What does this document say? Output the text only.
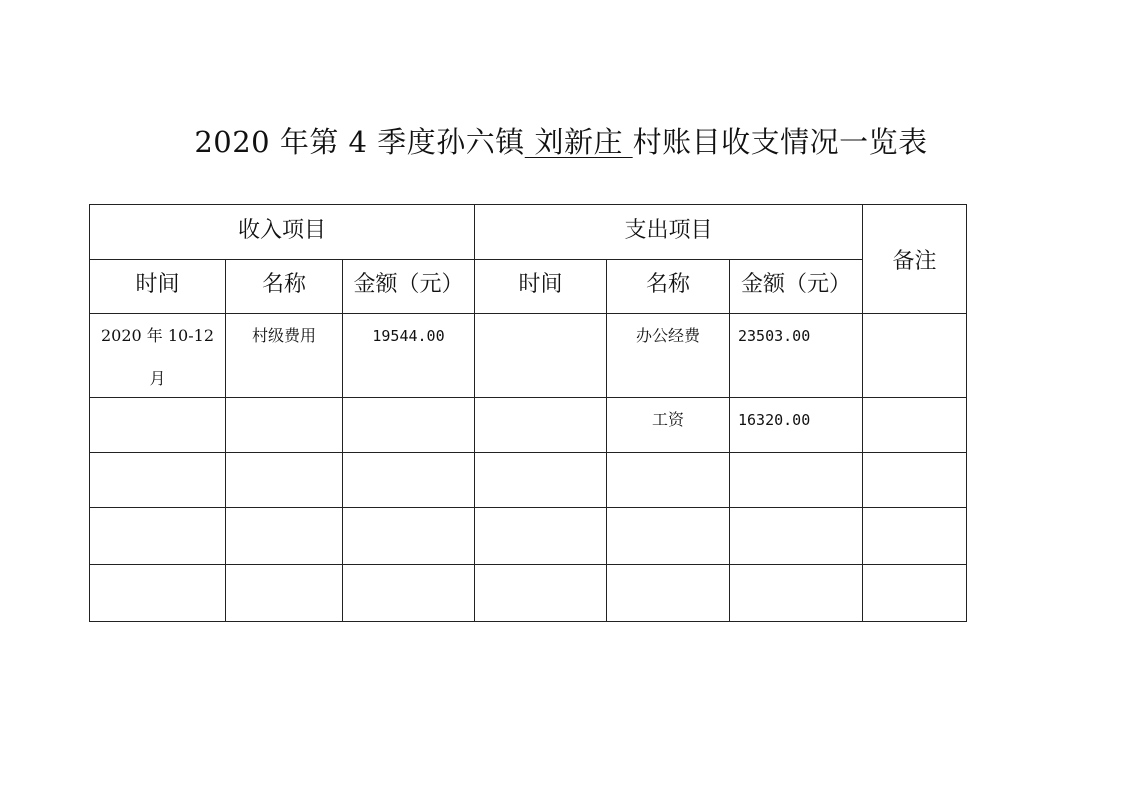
2020 年第 4 季度孙六镇 刘新庄 村账目收支情况一览表
收入项目			支出项目			备注
时间	名称	金额（元）	时间	名称	金额（元）	

2020 年 10-12
月	村级费用	19544.00		办公经费	23503.00	
				工资	16320.00	
